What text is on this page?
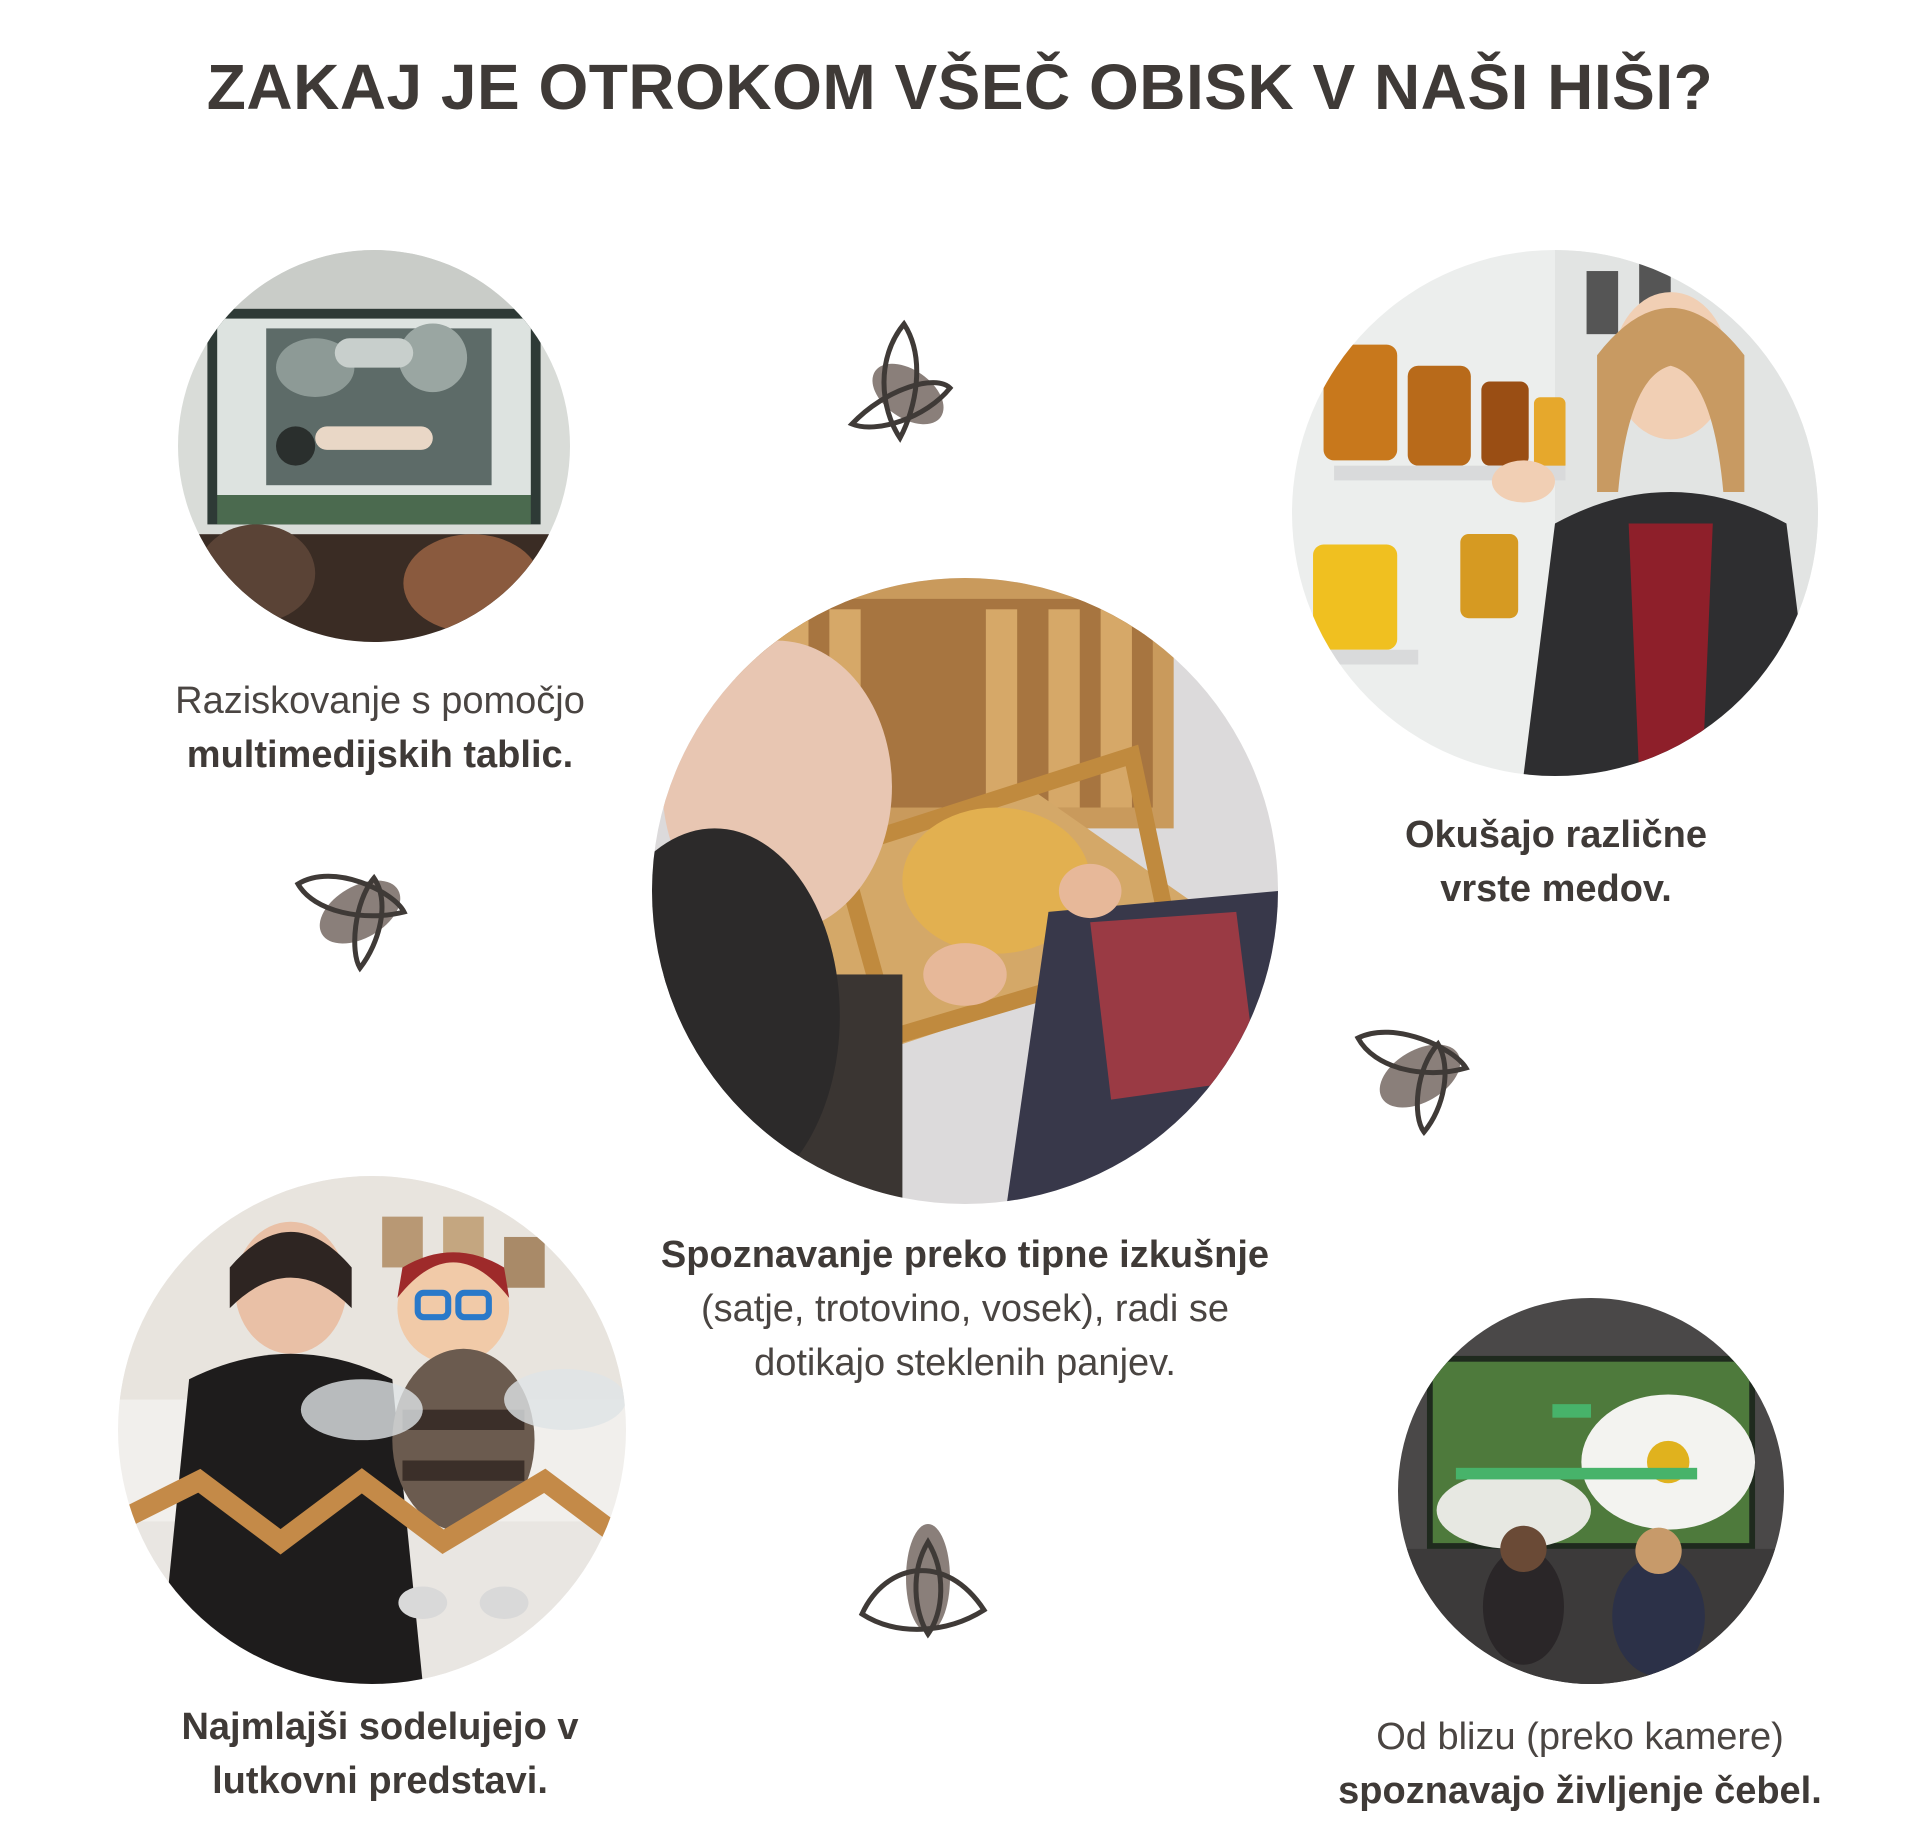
ZAKAJ JE OTROKOM VŠEČ OBISK V NAŠI HIŠI?
Raziskovanje s pomočjo
multimedijskih tablic.
Okušajo različne
vrste medov.
Spoznavanje preko tipne izkušnje
(satje, trotovino, vosek), radi se
dotikajo steklenih panjev.
Najmlajši sodelujejo v
lutkovni predstavi.
Od blizu (preko kamere)
spoznavajo življenje čebel.
